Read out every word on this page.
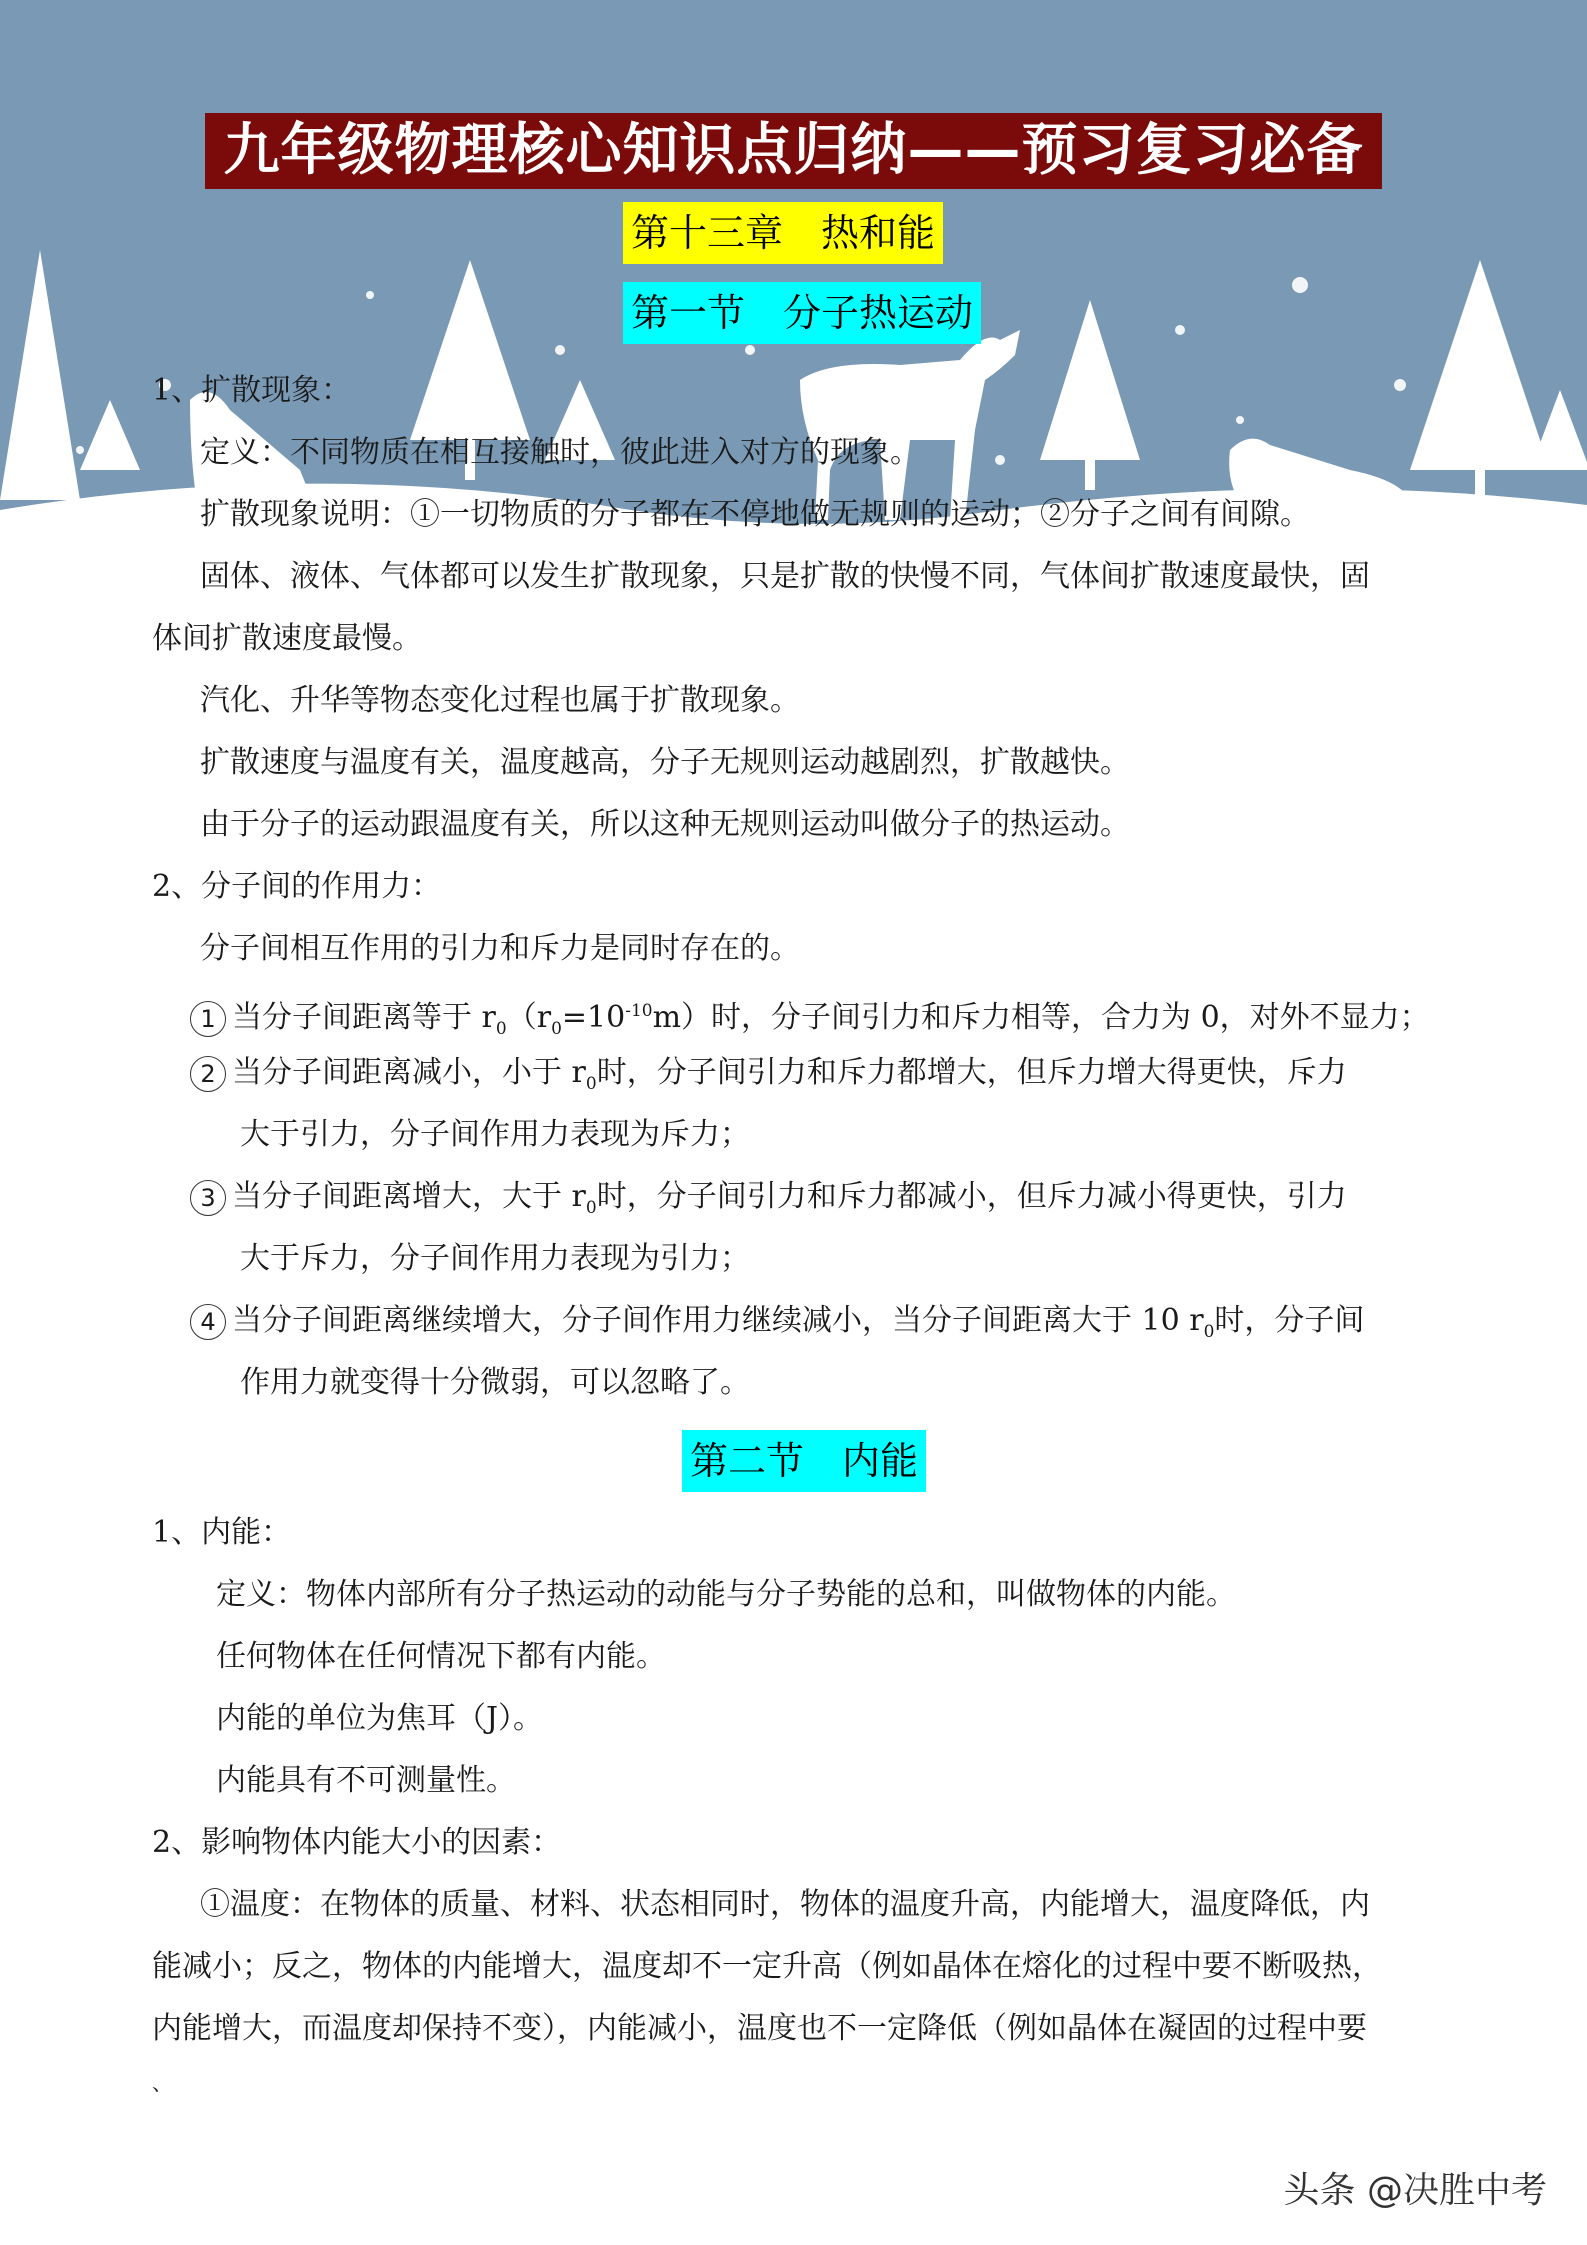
九年级物理核心知识点归纳——预习复习必备
第十三章　热和能
第一节　分子热运动
1、扩散现象：
定义：不同物质在相互接触时，彼此进入对方的现象。
扩散现象说明：①一切物质的分子都在不停地做无规则的运动；②分子之间有间隙。
固体、液体、气体都可以发生扩散现象，只是扩散的快慢不同，气体间扩散速度最快，固
体间扩散速度最慢。
汽化、升华等物态变化过程也属于扩散现象。
扩散速度与温度有关，温度越高，分子无规则运动越剧烈，扩散越快。
由于分子的运动跟温度有关，所以这种无规则运动叫做分子的热运动。
2、分子间的作用力：
分子间相互作用的引力和斥力是同时存在的。
1 当分子间距离等于 $r_0(r_0=10^{-10}m)$时，分子间引力和斥力相等，合力为 0，对外不显力；
2 当分子间距离减小，小于 $r_0$时，分子间引力和斥力都增大，但斥力增大得更快，斥力
大于引力，分子间作用力表现为斥力；
3 当分子间距离增大，大于 $r_0$时，分子间引力和斥力都减小，但斥力减小得更快，引力
大于斥力，分子间作用力表现为引力；
4 当分子间距离继续增大，分子间作用力继续减小，当分子间距离大于 10 $r_0$时，分子间
作用力就变得十分微弱，可以忽略了。
第二节　内能
1、内能：
定义：物体内部所有分子热运动的动能与分子势能的总和，叫做物体的内能。
任何物体在任何情况下都有内能。
内能的单位为焦耳（J）。
内能具有不可测量性。
2、影响物体内能大小的因素：
①温度：在物体的质量、材料、状态相同时，物体的温度升高，内能增大，温度降低，内
能减小；反之，物体的内能增大，温度却不一定升高（例如晶体在熔化的过程中要不断吸热，
内能增大，而温度却保持不变），内能减小，温度也不一定降低（例如晶体在凝固的过程中要
、
头条 @决胜中考
